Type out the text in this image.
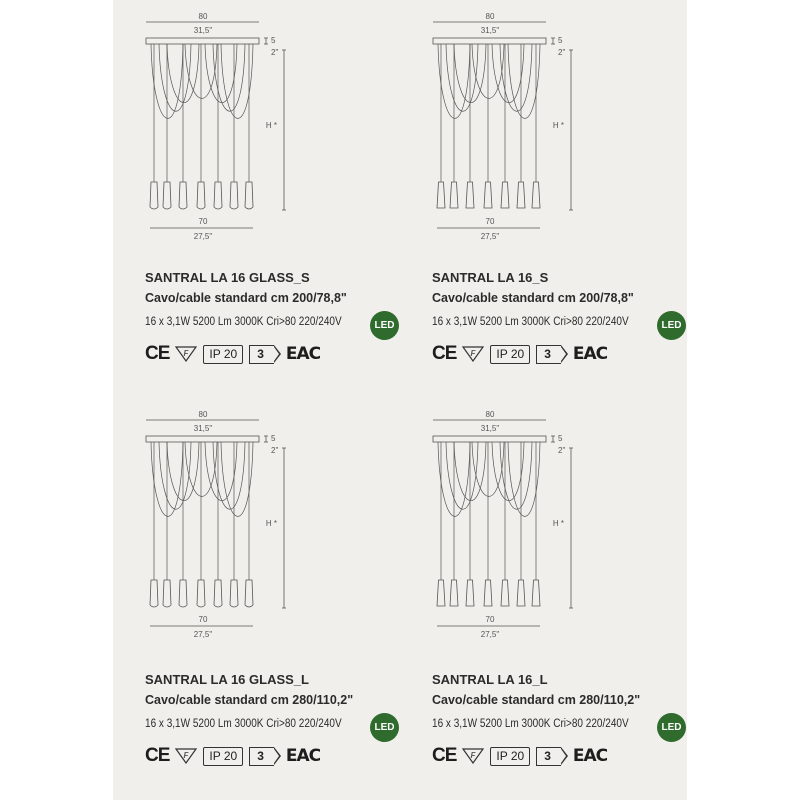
80
31,5"
5
2"
H *
70
27,5"
SANTRAL LA 16 GLASS_S
Cavo/cable standard cm 200/78,8"
16 x 3,1W 5200 Lm 3000K Cri>80 220/240V	LED
CE F	IP 20	3	EAC
80
31,5"
5
2"
H *
70
27,5"
SANTRAL LA 16_S
Cavo/cable standard cm 200/78,8"
16 x 3,1W 5200 Lm 3000K Cri>80 220/240V	LED
CE F	IP 20	3	EAC
80
31,5"
5
2"
H *
70
27,5"
SANTRAL LA 16 GLASS_L
Cavo/cable standard cm 280/110,2"
16 x 3,1W 5200 Lm 3000K Cri>80 220/240V	LED
CE F	IP 20	3	EAC
80
31,5"
5
2"
H *
70
27,5"
SANTRAL LA 16_L
Cavo/cable standard cm 280/110,2"
16 x 3,1W 5200 Lm 3000K Cri>80 220/240V	LED
CE F	IP 20	3	EAC
